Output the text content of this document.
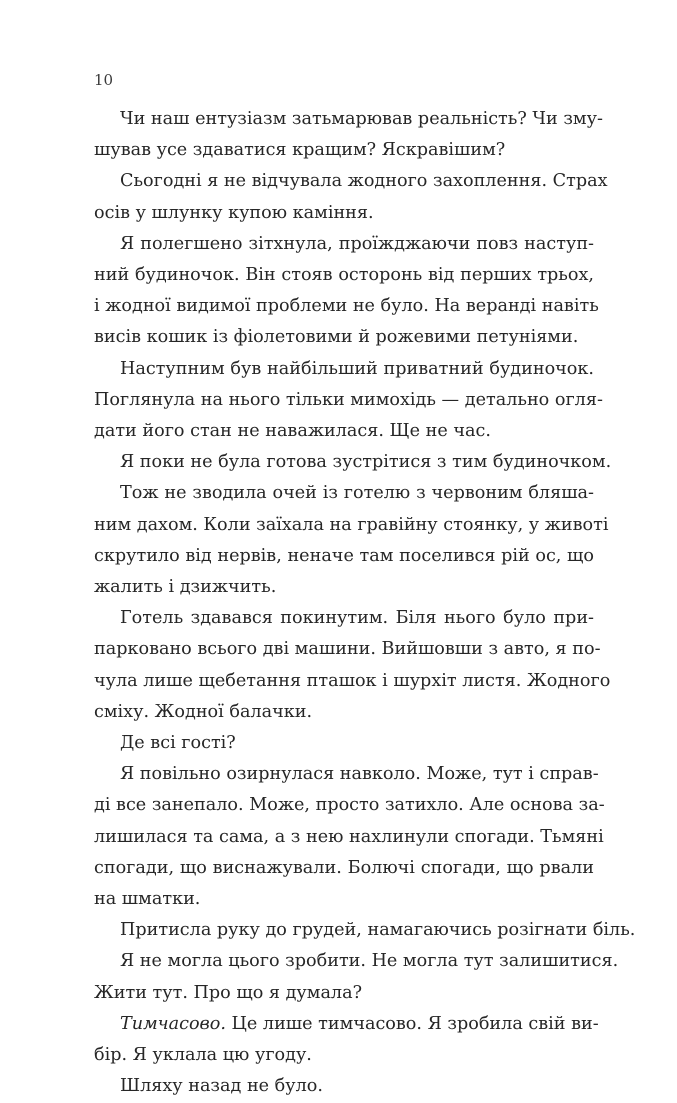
10
Чи наш ентузіазм затьмарював реальність? Чи зму-
шував усе здаватися кращим? Яскравішим?
Сьогодні я не відчувала жодного захоплення. Страх
осів у шлунку купою каміння.
Я полегшено зітхнула, проїжджаючи повз наступ-
ний будиночок. Він стояв осторонь від перших трьох,
і жодної видимої проблеми не було. На веранді навіть
висів кошик із фіолетовими й рожевими петуніями.
Наступним був найбільший приватний будиночок.
Поглянула на нього тільки мимохідь — детально огля-
дати його стан не наважилася. Ще не час.
Я поки не була готова зустрітися з тим будиночком.
Тож не зводила очей із готелю з червоним бляша-
ним дахом. Коли заїхала на гравійну стоянку, у животі
скрутило від нервів, неначе там поселився рій ос, що
жалить і дзижчить.
Готель здавався покинутим. Біля нього було при-
парковано всього дві машини. Вийшовши з авто, я по-
чула лише щебетання пташок і шурхіт листя. Жодного
сміху. Жодної балачки.
Де всі гості?
Я повільно озирнулася навколо. Може, тут і справ-
ді все занепало. Може, просто затихло. Але основа за-
лишилася та сама, а з нею нахлинули спогади. Тьмяні
спогади, що виснажували. Болючі спогади, що рвали
на шматки.
Притисла руку до грудей, намагаючись розігнати біль.
Я не могла цього зробити. Не могла тут залишитися.
Жити тут. Про що я думала?
Тимчасово. Це лише тимчасово. Я зробила свій ви-
бір. Я уклала цю угоду.
Шляху назад не було.
